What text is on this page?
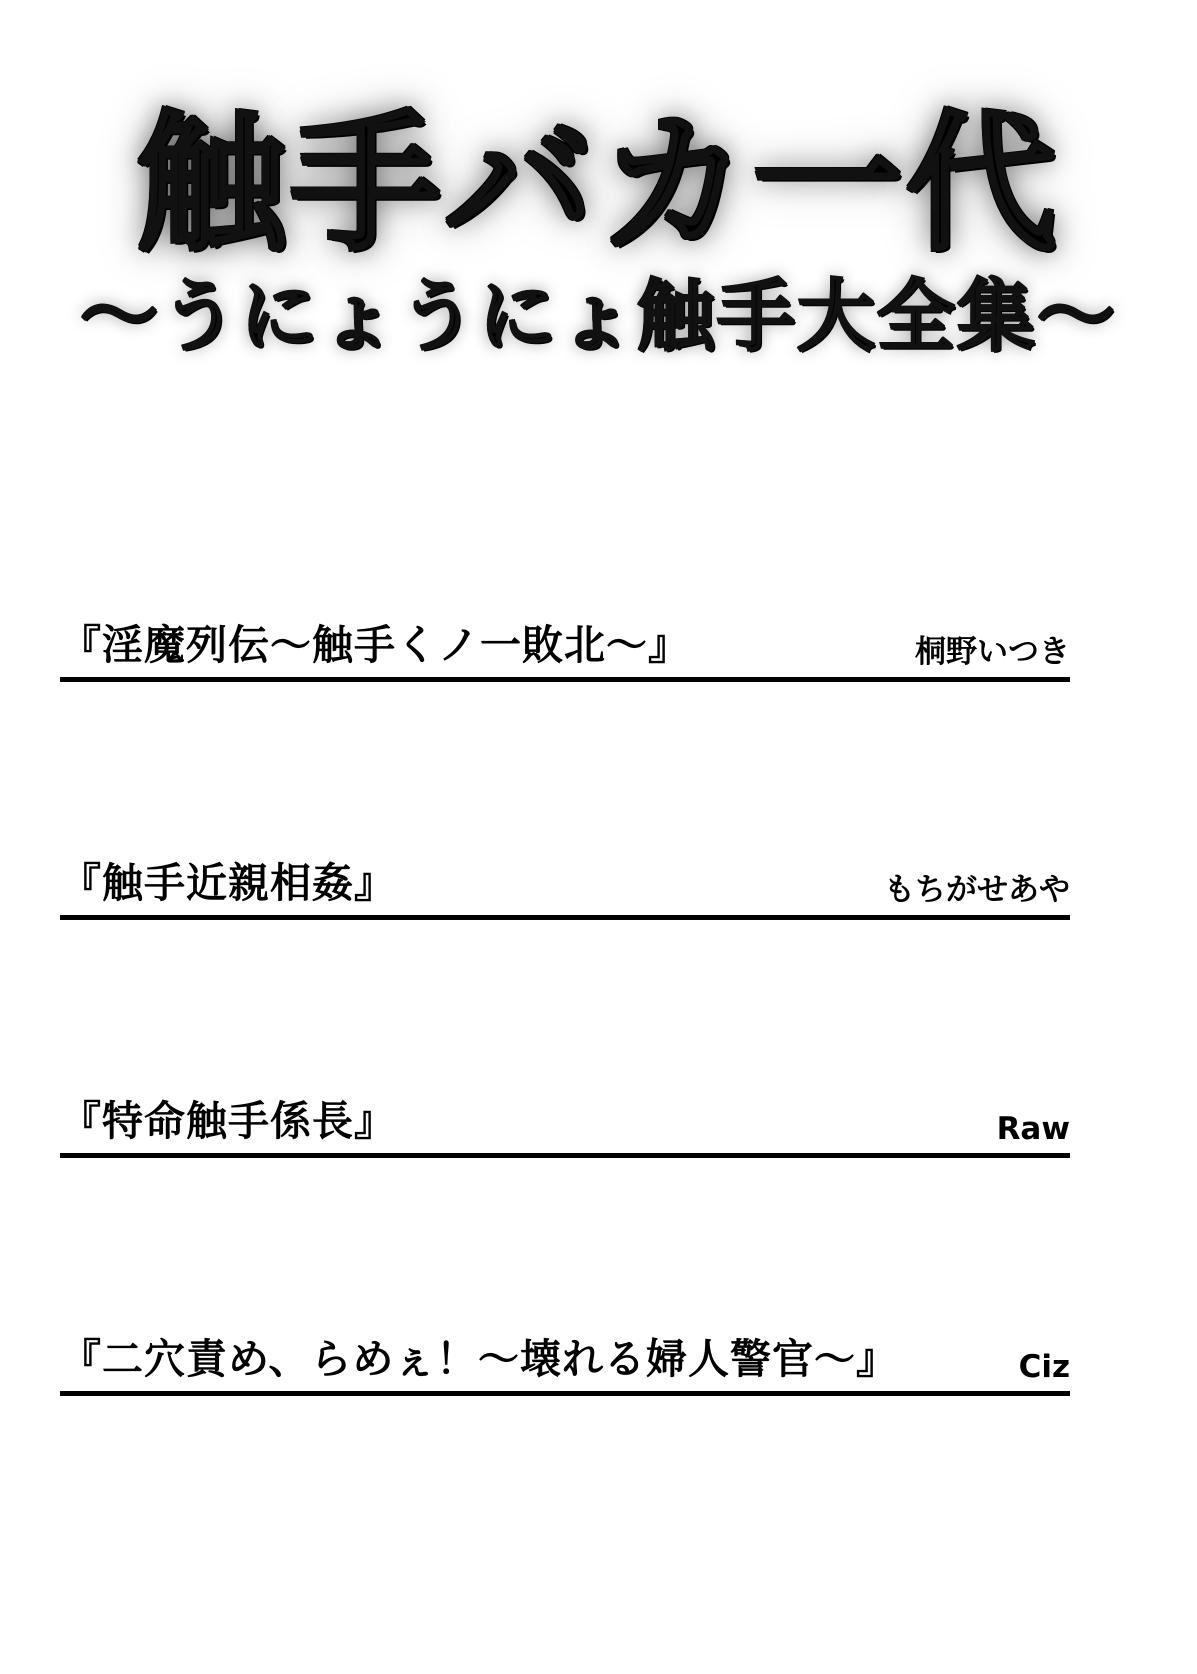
触手バカ一代
〜うにょうにょ触手大全集〜
『淫魔列伝〜触手くノ一敗北〜』	桐野いつき
『触手近親相姦』	もちがせあや
『特命触手係長』	Raw
『二穴責め、らめぇ！〜壊れる婦人警官〜』	Ciz
